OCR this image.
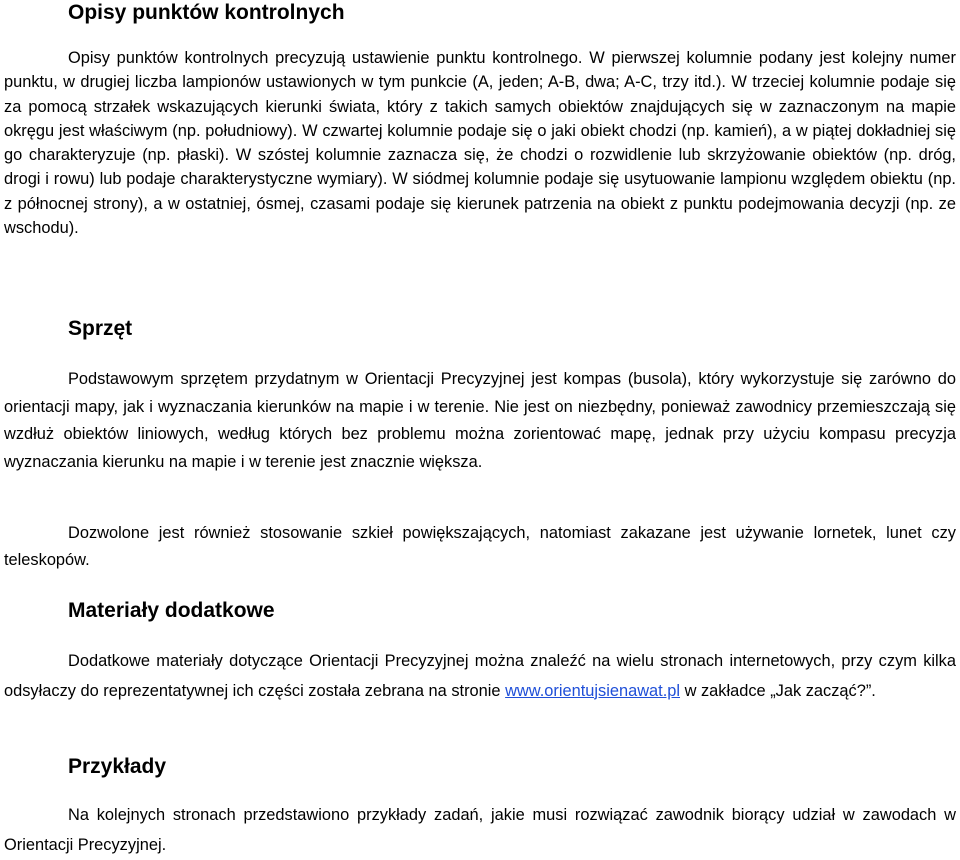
Opisy punktów kontrolnych

Opisy punktów kontrolnych precyzują ustawienie punktu kontrolnego. W pierwszej kolumnie podany jest kolejny numer punktu, w drugiej liczba lampionów ustawionych w tym punkcie (A, jeden; A-B, dwa; A-C, trzy itd.). W trzeciej kolumnie podaje się za pomocą strzałek wskazujących kierunki świata, który z takich samych obiektów znajdujących się w zaznaczonym na mapie okręgu jest właściwym (np. południowy). W czwartej kolumnie podaje się o jaki obiekt chodzi (np. kamień), a w piątej dokładniej się go charakteryzuje (np. płaski). W szóstej kolumnie zaznacza się, że chodzi o rozwidlenie lub skrzyżowanie obiektów (np. dróg, drogi i rowu) lub podaje charakterystyczne wymiary). W siódmej kolumnie podaje się usytuowanie lampionu względem obiektu (np. z północnej strony), a w ostatniej, ósmej, czasami podaje się kierunek patrzenia na obiekt z punktu podejmowania decyzji (np. ze wschodu).

Sprzęt

Podstawowym sprzętem przydatnym w Orientacji Precyzyjnej jest kompas (busola), który wykorzystuje się zarówno do orientacji mapy, jak i wyznaczania kierunków na mapie i w terenie. Nie jest on niezbędny, ponieważ zawodnicy przemieszczają się wzdłuż obiektów liniowych, według których bez problemu można zorientować mapę, jednak przy użyciu kompasu precyzja wyznaczania kierunku na mapie i w terenie jest znacznie większa.

Dozwolone jest również stosowanie szkieł powiększających, natomiast zakazane jest używanie lornetek, lunet czy teleskopów.

Materiały dodatkowe

Dodatkowe materiały dotyczące Orientacji Precyzyjnej można znaleźć na wielu stronach internetowych, przy czym kilka odsyłaczy do reprezentatywnej ich części została zebrana na stronie www.orientujsienawat.pl w zakładce „Jak zacząć?”.

Przykłady

Na kolejnych stronach przedstawiono przykłady zadań, jakie musi rozwiązać zawodnik biorący udział w zawodach w Orientacji Precyzyjnej.
